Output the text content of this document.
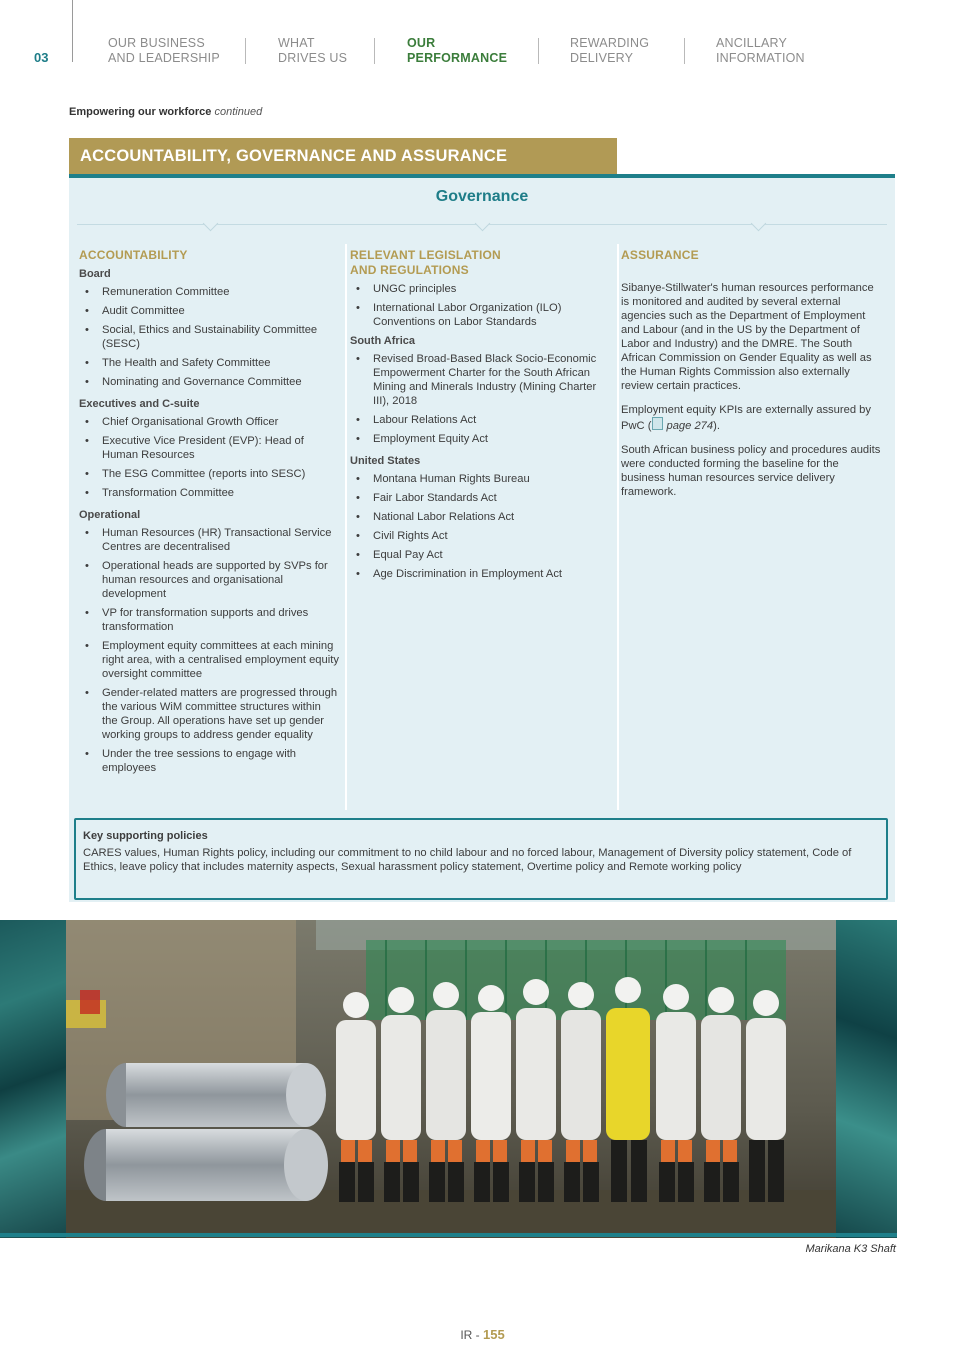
03
OUR BUSINESS
AND LEADERSHIP
WHAT
DRIVES US
OUR
PERFORMANCE
REWARDING
DELIVERY
ANCILLARY
INFORMATION
Empowering our workforce continued
ACCOUNTABILITY, GOVERNANCE AND ASSURANCE
Governance
ACCOUNTABILITY
Board
• Remuneration Committee
• Audit Committee
• Social, Ethics and Sustainability Committee (SESC)
• The Health and Safety Committee
• Nominating and Governance Committee
Executives and C-suite
• Chief Organisational Growth Officer
• Executive Vice President (EVP): Head of Human Resources
• The ESG Committee (reports into SESC)
• Transformation Committee
Operational
• Human Resources (HR) Transactional Service Centres are decentralised
• Operational heads are supported by SVPs for human resources and organisational development
• VP for transformation supports and drives transformation
• Employment equity committees at each mining right area, with a centralised employment equity oversight committee
• Gender-related matters are progressed through the various WiM committee structures within the Group. All operations have set up gender working groups to address gender equality
• Under the tree sessions to engage with employees
RELEVANT LEGISLATION
AND REGULATIONS
• UNGC principles
• International Labor Organization (ILO) Conventions on Labor Standards
South Africa
• Revised Broad-Based Black Socio-Economic Empowerment Charter for the South African Mining and Minerals Industry (Mining Charter III), 2018
• Labour Relations Act
• Employment Equity Act
United States
• Montana Human Rights Bureau
• Fair Labor Standards Act
• National Labor Relations Act
• Civil Rights Act
• Equal Pay Act
• Age Discrimination in Employment Act
ASSURANCE

Sibanye-Stillwater's human resources performance is monitored and audited by several external agencies such as the Department of Employment and Labour (and in the US by the Department of Labor and Industry) and the DMRE. The South African Commission on Gender Equality as well as the Human Rights Commission also externally review certain practices.

Employment equity KPIs are externally assured by PwC ( page 274).

South African business policy and procedures audits were conducted forming the baseline for the business human resources service delivery framework.

Key supporting policies
CARES values, Human Rights policy, including our commitment to no child labour and no forced labour, Management of Diversity policy statement, Code of Ethics, leave policy that includes maternity aspects, Sexual harassment policy statement, Overtime policy and Remote working policy
Marikana K3 Shaft
IR - 155
